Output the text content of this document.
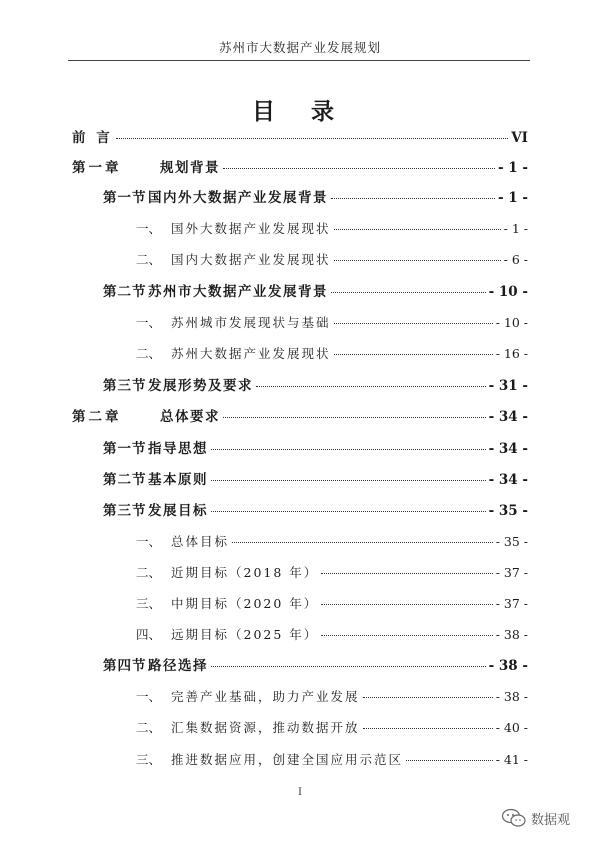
苏州市大数据产业发展规划
目 录
前 言	VI
第一章	规划背景	- 1 -
第一节 国内外大数据产业发展背景	- 1 -
一、 国外大数据产业发展现状	- 1 -
二、 国内大数据产业发展现状	- 6 -
第二节 苏州市大数据产业发展背景	- 10 -
一、 苏州城市发展现状与基础	- 10 -
二、 苏州大数据产业发展现状	- 16 -
第三节 发展形势及要求	- 31 -
第二章	总体要求	- 34 -
第一节 指导思想	- 34 -
第二节 基本原则	- 34 -
第三节 发展目标	- 35 -
一、 总体目标	- 35 -
二、 近期目标（2018 年）	- 37 -
三、 中期目标（2020 年）	- 37 -
四、 远期目标（2025 年）	- 38 -
第四节 路径选择	- 38 -
一、 完善产业基础，助力产业发展	- 38 -
二、 汇集数据资源，推动数据开放	- 40 -
三、 推进数据应用，创建全国应用示范区	- 41 -
I
数据观
